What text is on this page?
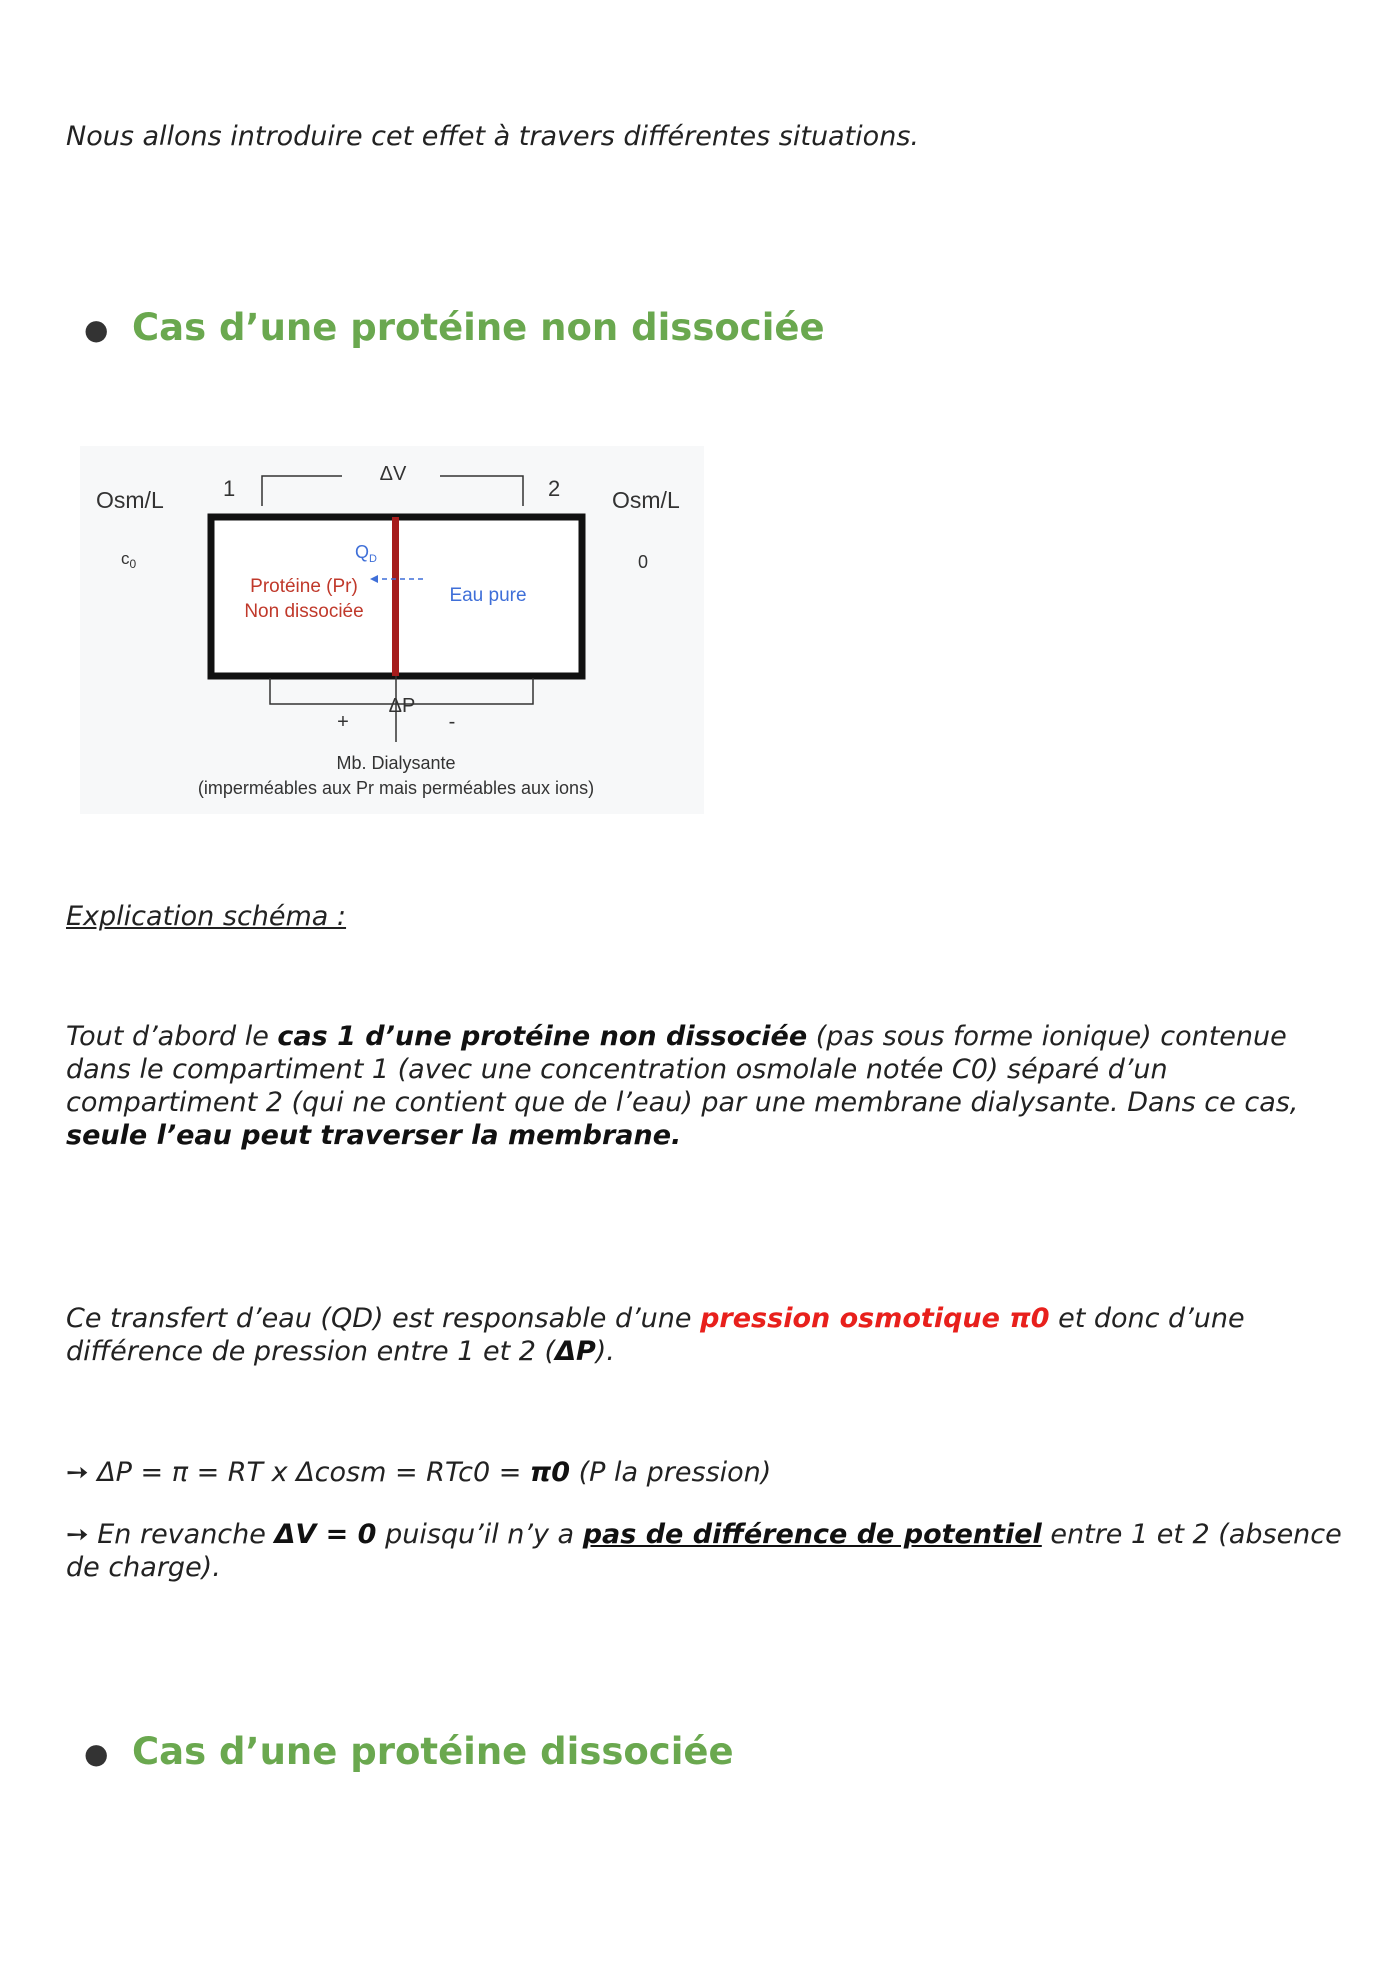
Nous allons introduire cet effet à travers différentes situations.
● Cas d’une protéine non dissociée
ΔV
1	2
Osm/L	Osm/L
$c_0$	0
$Q_D$
Protéine (Pr)
Non dissociée
Eau pure
ΔP
+	-
Mb. Dialysante
(imperméables aux Pr mais perméables aux ions)
Explication schéma :
Tout d’abord le cas 1 d’une protéine non dissociée (pas sous forme ionique) contenue dans le compartiment 1 (avec une concentration osmolale notée C0) séparé d’un compartiment 2 (qui ne contient que de l’eau) par une membrane dialysante. Dans ce cas, seule l’eau peut traverser la membrane.
Ce transfert d’eau (QD) est responsable d’une pression osmotique π0 et donc d’une différence de pression entre 1 et 2 (ΔP).
➙ ΔP = π = RT x Δcosm = RTc0 = π0 (P la pression)
➙ En revanche ΔV = 0 puisqu’il n’y a pas de différence de potentiel entre 1 et 2 (absence de charge).
● Cas d’une protéine dissociée
